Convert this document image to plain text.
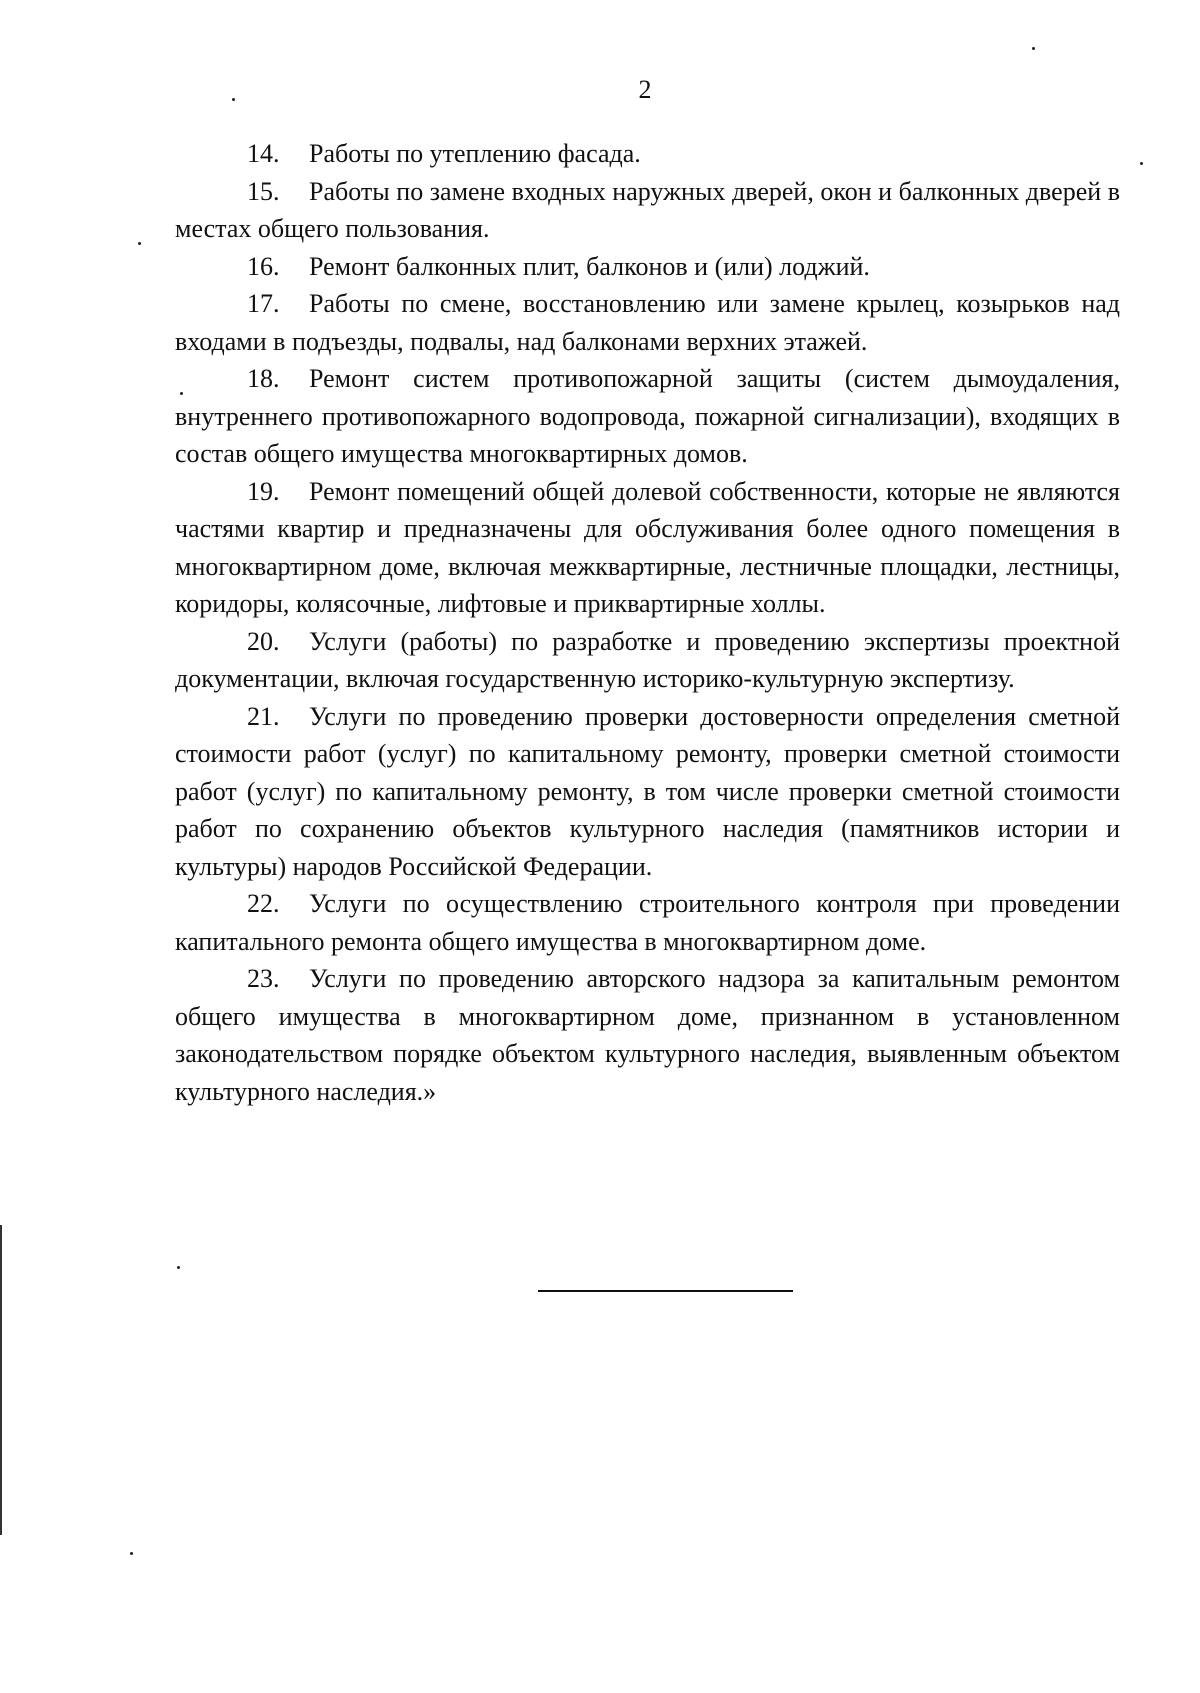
2

14. Работы по утеплению фасада.

15. Работы по замене входных наружных дверей, окон и балконных дверей в местах общего пользования.

16. Ремонт балконных плит, балконов и (или) лоджий.

17. Работы по смене, восстановлению или замене крылец, козырьков над входами в подъезды, подвалы, над балконами верхних этажей.

18. Ремонт систем противопожарной защиты (систем дымоудаления, внутреннего противопожарного водопровода, пожарной сигнализации), входящих в состав общего имущества многоквартирных домов.

19. Ремонт помещений общей долевой собственности, которые не являются частями квартир и предназначены для обслуживания более одного помещения в многоквартирном доме, включая межквартирные, лестничные площадки, лестницы, коридоры, колясочные, лифтовые и приквартирные холлы.

20. Услуги (работы) по разработке и проведению экспертизы проектной документации, включая государственную историко-культурную экспертизу.

21. Услуги по проведению проверки достоверности определения сметной стоимости работ (услуг) по капитальному ремонту, проверки сметной стоимости работ (услуг) по капитальному ремонту, в том числе проверки сметной стоимости работ по сохранению объектов культурного наследия (памятников истории и культуры) народов Российской Федерации.

22. Услуги по осуществлению строительного контроля при проведении капитального ремонта общего имущества в многоквартирном доме.

23. Услуги по проведению авторского надзора за капитальным ремонтом общего имущества в многоквартирном доме, признанном в установленном законодательством порядке объектом культурного наследия, выявленным объектом культурного наследия.»
